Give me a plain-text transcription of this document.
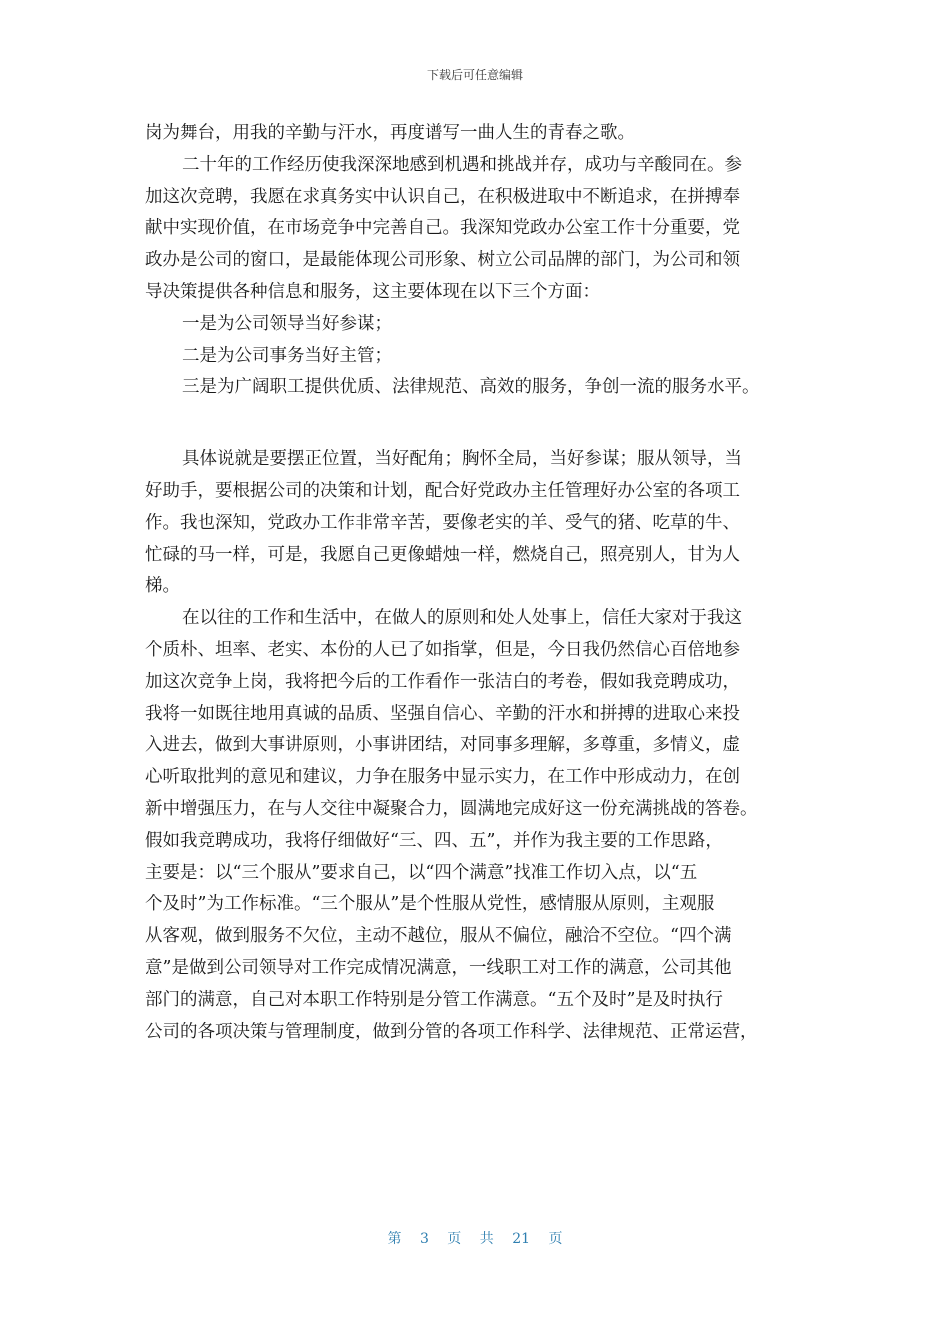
下载后可任意编辑
岗为舞台，用我的辛勤与汗水，再度谱写一曲人生的青春之歌。
二十年的工作经历使我深深地感到机遇和挑战并存，成功与辛酸同在。参
加这次竞聘，我愿在求真务实中认识自己，在积极进取中不断追求，在拼搏奉
献中实现价值，在市场竞争中完善自己。我深知党政办公室工作十分重要，党
政办是公司的窗口，是最能体现公司形象、树立公司品牌的部门，为公司和领
导决策提供各种信息和服务，这主要体现在以下三个方面：
一是为公司领导当好参谋；
二是为公司事务当好主管；
三是为广阔职工提供优质、法律规范、高效的服务，争创一流的服务水平。
具体说就是要摆正位置，当好配角；胸怀全局，当好参谋；服从领导，当
好助手，要根据公司的决策和计划，配合好党政办主任管理好办公室的各项工
作。我也深知，党政办工作非常辛苦，要像老实的羊、受气的猪、吃草的牛、
忙碌的马一样，可是，我愿自己更像蜡烛一样，燃烧自己，照亮别人，甘为人
梯。
在以往的工作和生活中，在做人的原则和处人处事上，信任大家对于我这
个质朴、坦率、老实、本份的人已了如指掌，但是，今日我仍然信心百倍地参
加这次竞争上岗，我将把今后的工作看作一张洁白的考卷，假如我竞聘成功，
我将一如既往地用真诚的品质、坚强自信心、辛勤的汗水和拼搏的进取心来投
入进去，做到大事讲原则，小事讲团结，对同事多理解，多尊重，多情义，虚
心听取批判的意见和建议，力争在服务中显示实力，在工作中形成动力，在创
新中增强压力，在与人交往中凝聚合力，圆满地完成好这一份充满挑战的答卷。
假如我竞聘成功，我将仔细做好“三、四、五”，并作为我主要的工作思路，
主要是：以“三个服从”要求自己，以“四个满意”找准工作切入点，以“五
个及时”为工作标准。“三个服从”是个性服从党性，感情服从原则，主观服
从客观，做到服务不欠位，主动不越位，服从不偏位，融洽不空位。“四个满
意”是做到公司领导对工作完成情况满意，一线职工对工作的满意，公司其他
部门的满意，自己对本职工作特别是分管工作满意。“五个及时”是及时执行
公司的各项决策与管理制度，做到分管的各项工作科学、法律规范、正常运营，
第 3 页 共 21 页
